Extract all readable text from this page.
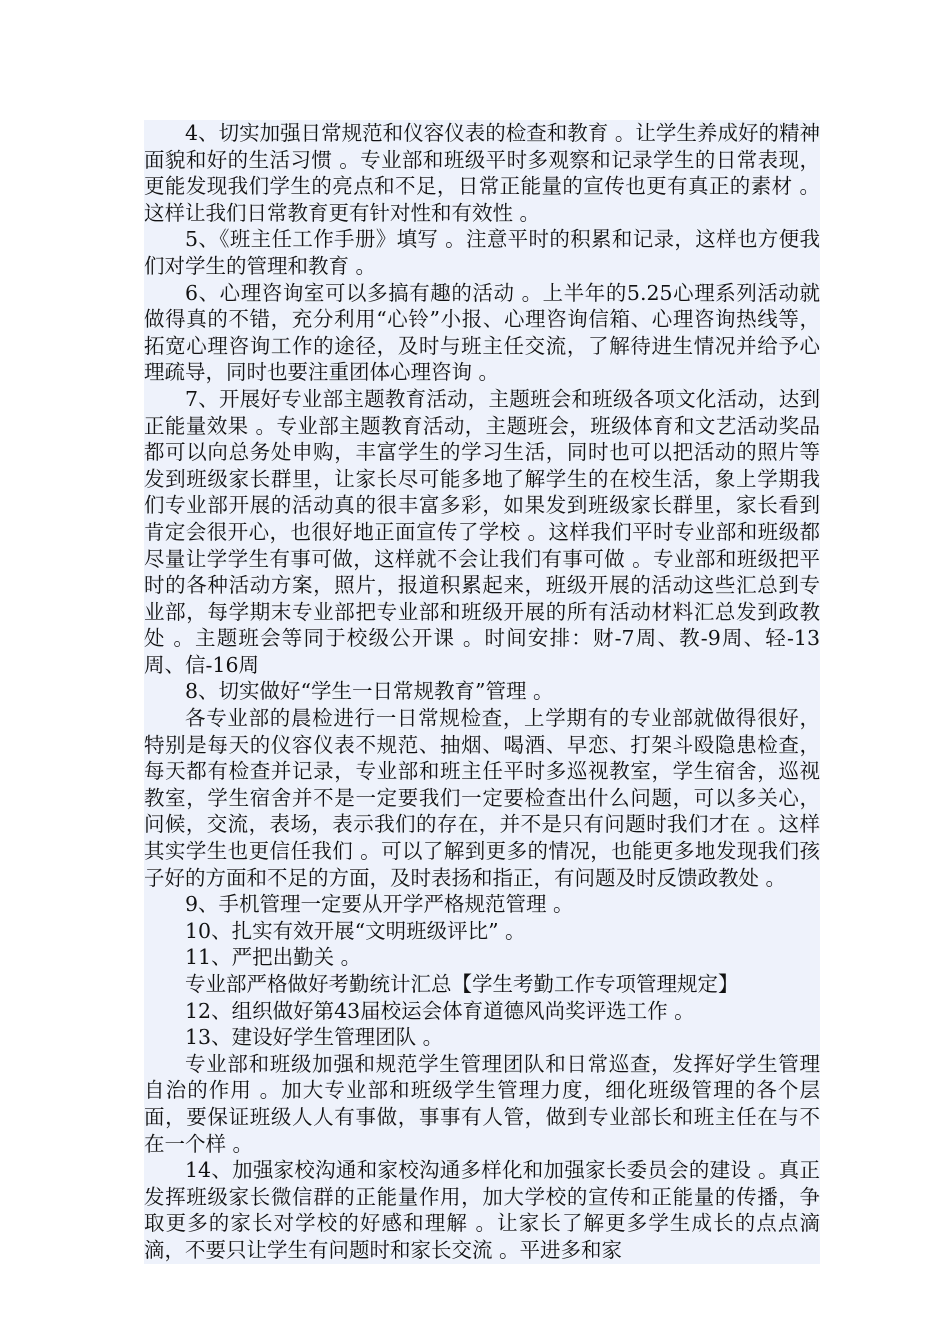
4、切实加强日常规范和仪容仪表的检查和教育 。让学生养成好的精神面貌和好的生活习惯 。专业部和班级平时多观察和记录学生的日常表现，更能发现我们学生的亮点和不足，日常正能量的宣传也更有真正的素材 。这样让我们日常教育更有针对性和有效性 。

5、《班主任工作手册》填写 。注意平时的积累和记录，这样也方便我们对学生的管理和教育 。

6、心理咨询室可以多搞有趣的活动 。上半年的5.25心理系列活动就做得真的不错，充分利用“心铃”小报、心理咨询信箱、心理咨询热线等，拓宽心理咨询工作的途径，及时与班主任交流，了解待进生情况并给予心理疏导，同时也要注重团体心理咨询 。

7、开展好专业部主题教育活动，主题班会和班级各项文化活动，达到正能量效果 。专业部主题教育活动，主题班会，班级体育和文艺活动奖品都可以向总务处申购，丰富学生的学习生活，同时也可以把活动的照片等发到班级家长群里，让家长尽可能多地了解学生的在校生活，象上学期我们专业部开展的活动真的很丰富多彩，如果发到班级家长群里，家长看到肯定会很开心，也很好地正面宣传了学校 。这样我们平时专业部和班级都尽量让学学生有事可做，这样就不会让我们有事可做 。专业部和班级把平时的各种活动方案，照片，报道积累起来，班级开展的活动这些汇总到专业部，每学期末专业部把专业部和班级开展的所有活动材料汇总发到政教处 。主题班会等同于校级公开课 。时间安排：财-7周、教-9周、轻-13周、信-16周

8、切实做好“学生一日常规教育”管理 。

各专业部的晨检进行一日常规检查，上学期有的专业部就做得很好，特别是每天的仪容仪表不规范、抽烟、喝酒、早恋、打架斗殴隐患检查，每天都有检查并记录，专业部和班主任平时多巡视教室，学生宿舍，巡视教室，学生宿舍并不是一定要我们一定要检查出什么问题，可以多关心，问候，交流，表场，表示我们的存在，并不是只有问题时我们才在 。这样其实学生也更信任我们 。可以了解到更多的情况，也能更多地发现我们孩子好的方面和不足的方面，及时表扬和指正，有问题及时反馈政教处 。

9、手机管理一定要从开学严格规范管理 。

10、扎实有效开展“文明班级评比” 。

11、严把出勤关 。

专业部严格做好考勤统计汇总【学生考勤工作专项管理规定】

12、组织做好第43届校运会体育道德风尚奖评选工作 。

13、建设好学生管理团队 。

专业部和班级加强和规范学生管理团队和日常巡查，发挥好学生管理自治的作用 。加大专业部和班级学生管理力度，细化班级管理的各个层面，要保证班级人人有事做，事事有人管，做到专业部长和班主任在与不在一个样 。

14、加强家校沟通和家校沟通多样化和加强家长委员会的建设 。真正发挥班级家长微信群的正能量作用，加大学校的宣传和正能量的传播，争取更多的家长对学校的好感和理解 。让家长了解更多学生成长的点点滴滴，不要只让学生有问题时和家长交流 。平进多和家
